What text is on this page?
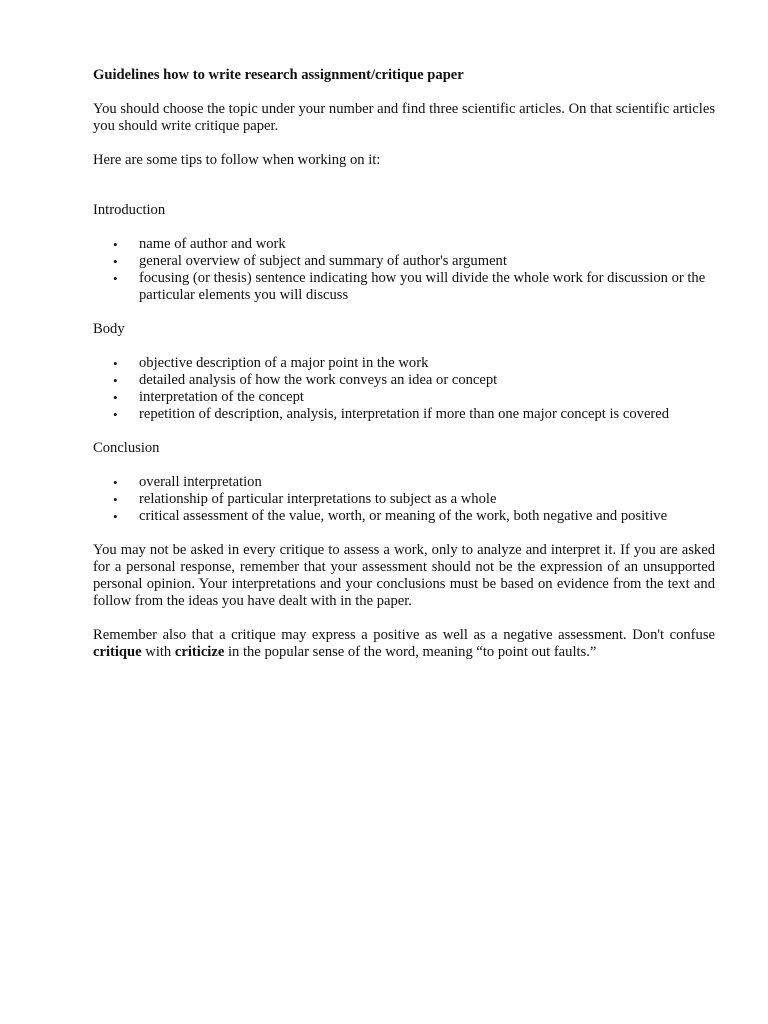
Guidelines how to write research assignment/critique paper

You should choose the topic under your number and find three scientific articles. On that scientific articles you should write critique paper.

Here are some tips to follow when working on it:

Introduction

• name of author and work
• general overview of subject and summary of author's argument
• focusing (or thesis) sentence indicating how you will divide the whole work for discussion or the particular elements you will discuss

Body

• objective description of a major point in the work
• detailed analysis of how the work conveys an idea or concept
• interpretation of the concept
• repetition of description, analysis, interpretation if more than one major concept is covered

Conclusion

• overall interpretation
• relationship of particular interpretations to subject as a whole
• critical assessment of the value, worth, or meaning of the work, both negative and positive

You may not be asked in every critique to assess a work, only to analyze and interpret it. If you are asked for a personal response, remember that your assessment should not be the expression of an unsupported personal opinion. Your interpretations and your conclusions must be based on evidence from the text and follow from the ideas you have dealt with in the paper.

Remember also that a critique may express a positive as well as a negative assessment. Don't confuse critique with criticize in the popular sense of the word, meaning “to point out faults.”
